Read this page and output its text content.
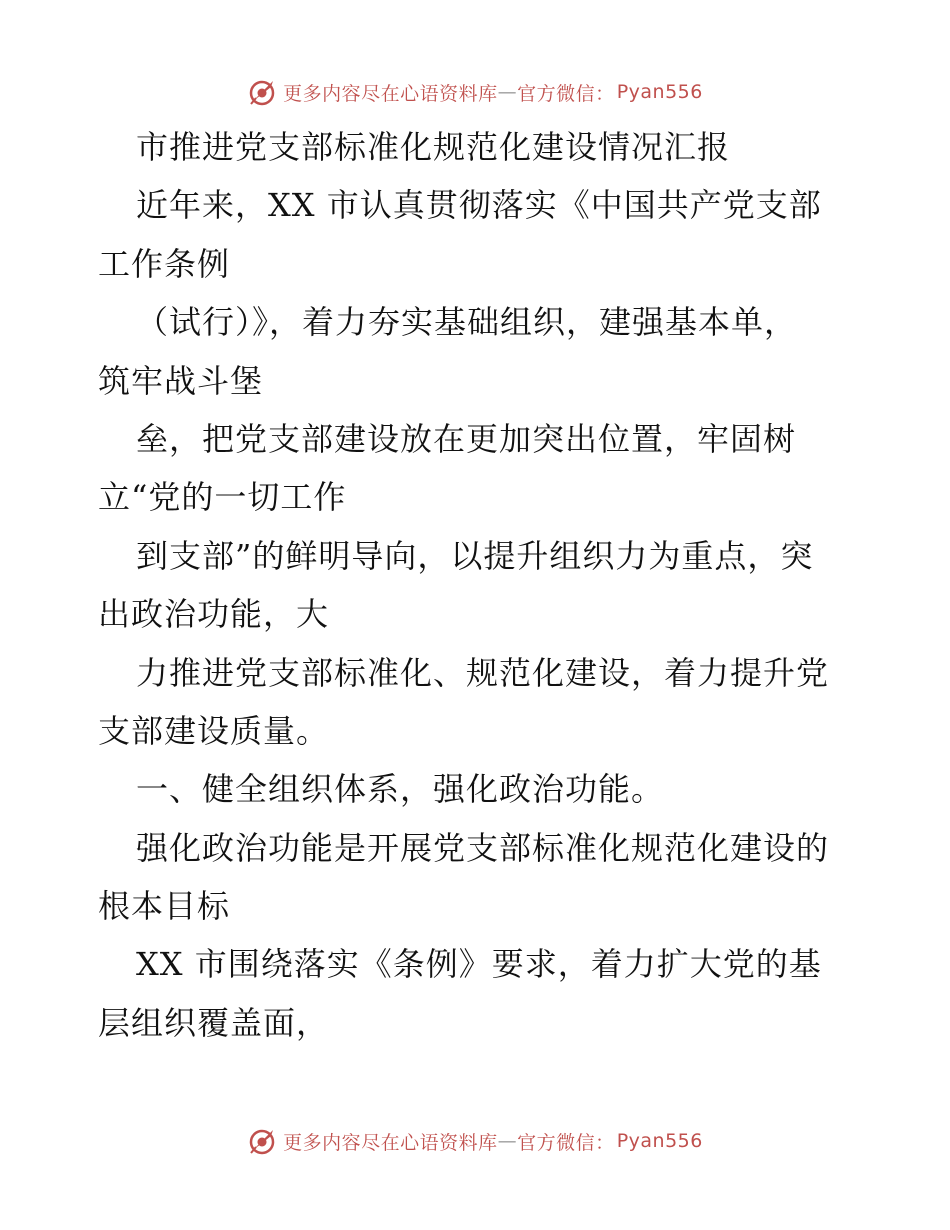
更多内容尽在心语资料库 — 官方微信： Pyan556
市推进党支部标准化规范化建设情况汇报
近年来，XX 市认真贯彻落实《中国共产党支部
工作条例
（试行）》，着力夯实基础组织，建强基本单，
筑牢战斗堡
垒，把党支部建设放在更加突出位置，牢固树
立“党的一切工作
到支部”的鲜明导向，以提升组织力为重点，突
出政治功能，大
力推进党支部标准化、规范化建设，着力提升党
支部建设质量。
一、健全组织体系，强化政治功能。
强化政治功能是开展党支部标准化规范化建设的
根本目标
XX 市围绕落实《条例》要求，着力扩大党的基
层组织覆盖面，
更多内容尽在心语资料库 — 官方微信： Pyan556
